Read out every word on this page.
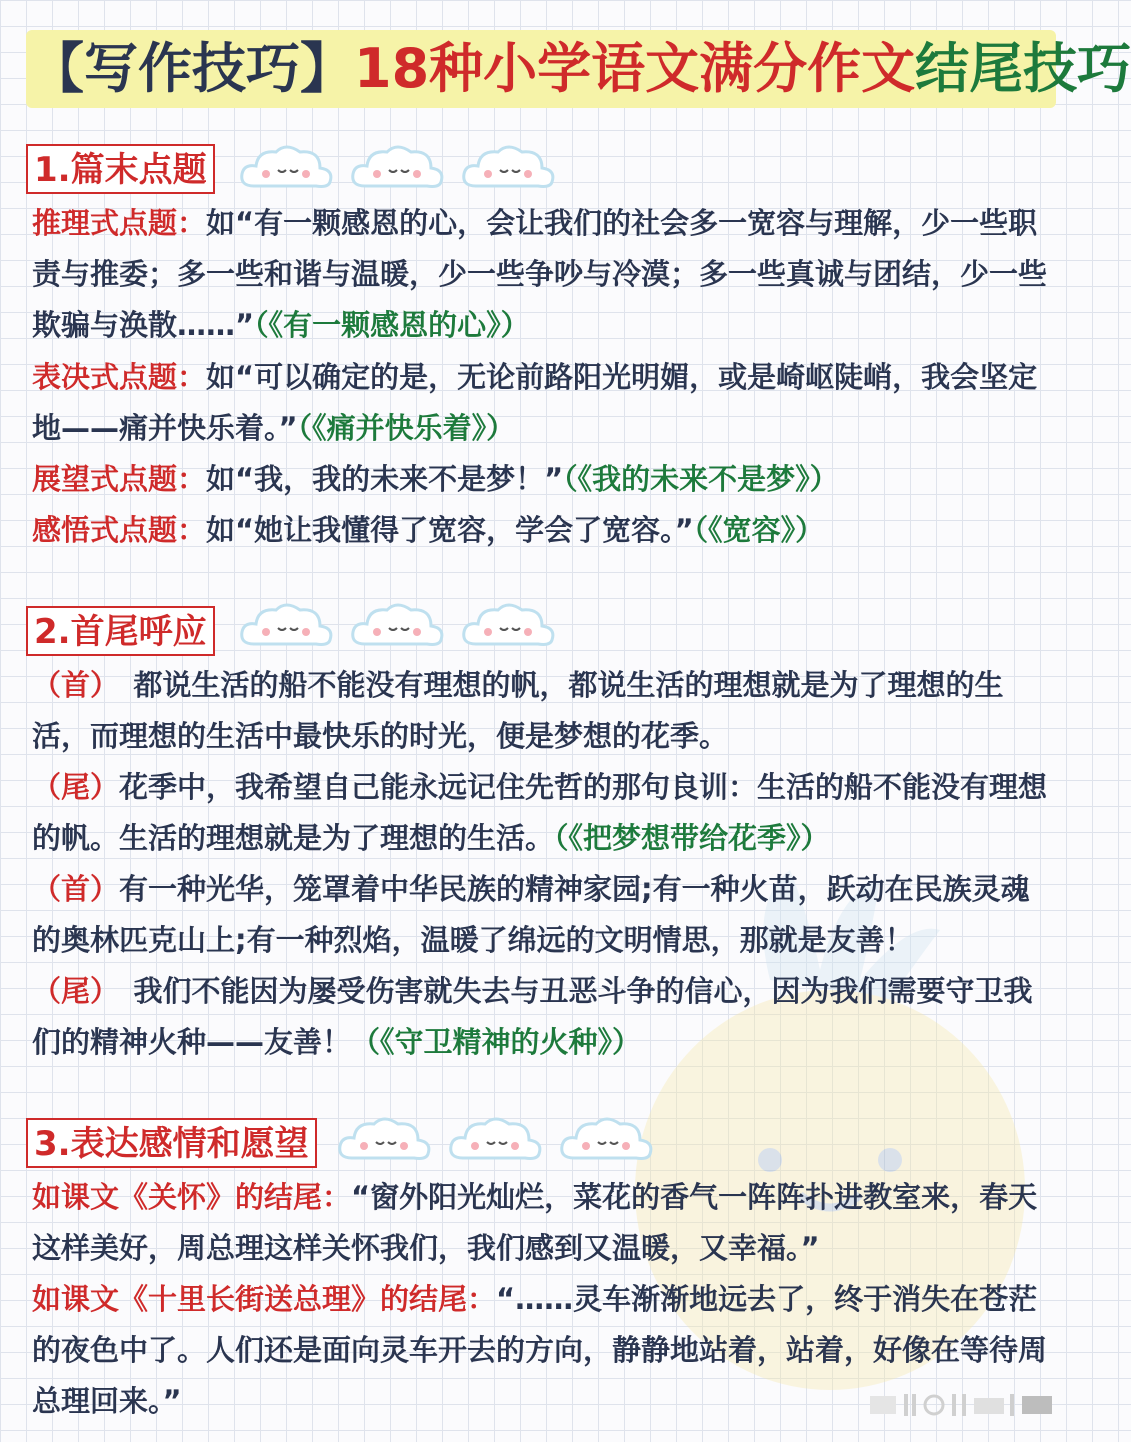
【写作技巧】18种小学语文满分作文结尾技巧
1.篇末点题

推理式点题：如“有一颗感恩的心，会让我们的社会多一宽容与理解，少一些职责与推委；多一些和谐与温暖，少一些争吵与冷漠；多一些真诚与团结，少一些欺骗与涣散……”（《有一颗感恩的心》）
表决式点题：如“可以确定的是，无论前路阳光明媚，或是崎岖陡峭，我会坚定地——痛并快乐着。”（《痛并快乐着》）
展望式点题：如“我，我的未来不是梦！”（《我的未来不是梦》）
感悟式点题：如“她让我懂得了宽容，学会了宽容。”（《宽容》）
2.首尾呼应

（首）　都说生活的船不能没有理想的帆，都说生活的理想就是为了理想的生活，而理想的生活中最快乐的时光，便是梦想的花季。
（尾）花季中，我希望自己能永远记住先哲的那句良训：生活的船不能没有理想的帆。生活的理想就是为了理想的生活。（《把梦想带给花季》）
（首）有一种光华，笼罩着中华民族的精神家园;有一种火苗，跃动在民族灵魂的奥林匹克山上;有一种烈焰，温暖了绵远的文明情思，那就是友善！
（尾）　我们不能因为屡受伤害就失去与丑恶斗争的信心，因为我们需要守卫我们的精神火种——友善！（《守卫精神的火种》）
3.表达感情和愿望

如课文《关怀》的结尾：“窗外阳光灿烂，菜花的香气一阵阵扑进教室来，春天这样美好，周总理这样关怀我们，我们感到又温暖，又幸福。”
如课文《十里长街送总理》的结尾：“……灵车渐渐地远去了，终于消失在苍茫的夜色中了。人们还是面向灵车开去的方向，静静地站着，站着，好像在等待周总理回来。”
